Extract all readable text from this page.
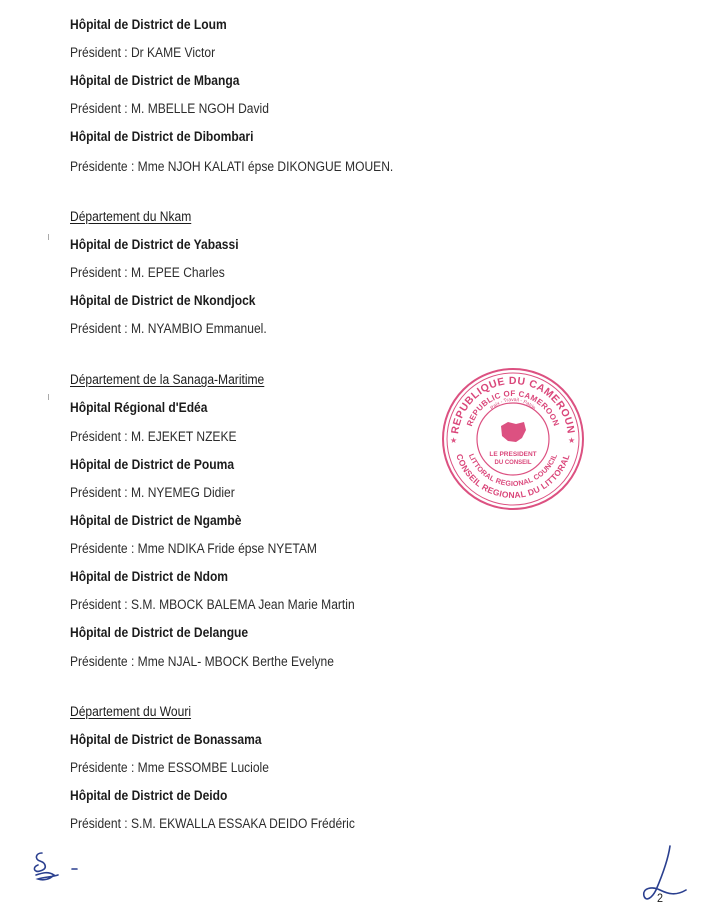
Hôpital de District de Loum
Président : Dr KAME Victor
Hôpital de District de Mbanga
Président : M. MBELLE NGOH David
Hôpital de District de Dibombari
Présidente : Mme NJOH KALATI épse DIKONGUE MOUEN.
Département du Nkam
Hôpital de District de Yabassi
Président : M. EPEE Charles
Hôpital de District de Nkondjock
Président : M. NYAMBIO Emmanuel.
Département de la Sanaga-Maritime
Hôpital Régional d'Edéa
Président : M. EJEKET NZEKE
Hôpital de District de Pouma
Président : M. NYEMEG Didier
Hôpital de District de Ngambè
Présidente : Mme NDIKA Fride épse NYETAM
Hôpital de District de Ndom
Président : S.M. MBOCK BALEMA Jean Marie Martin
Hôpital de District de Delangue
Présidente : Mme NJAL- MBOCK Berthe Evelyne
Département du Wouri
Hôpital de District de Bonassama
Présidente : Mme ESSOMBE Luciole
Hôpital de District de Deido
Président : S.M. EKWALLA ESSAKA DEIDO Frédéric
REPUBLIQUE DU CAMEROUN
REPUBLIC OF CAMEROON
CONSEIL REGIONAL DU LITTORAL
LITTORAL REGIONAL COUNCIL
Paix - Travail - Patrie
LE PRESIDENT
DU CONSEIL
★	★
2
